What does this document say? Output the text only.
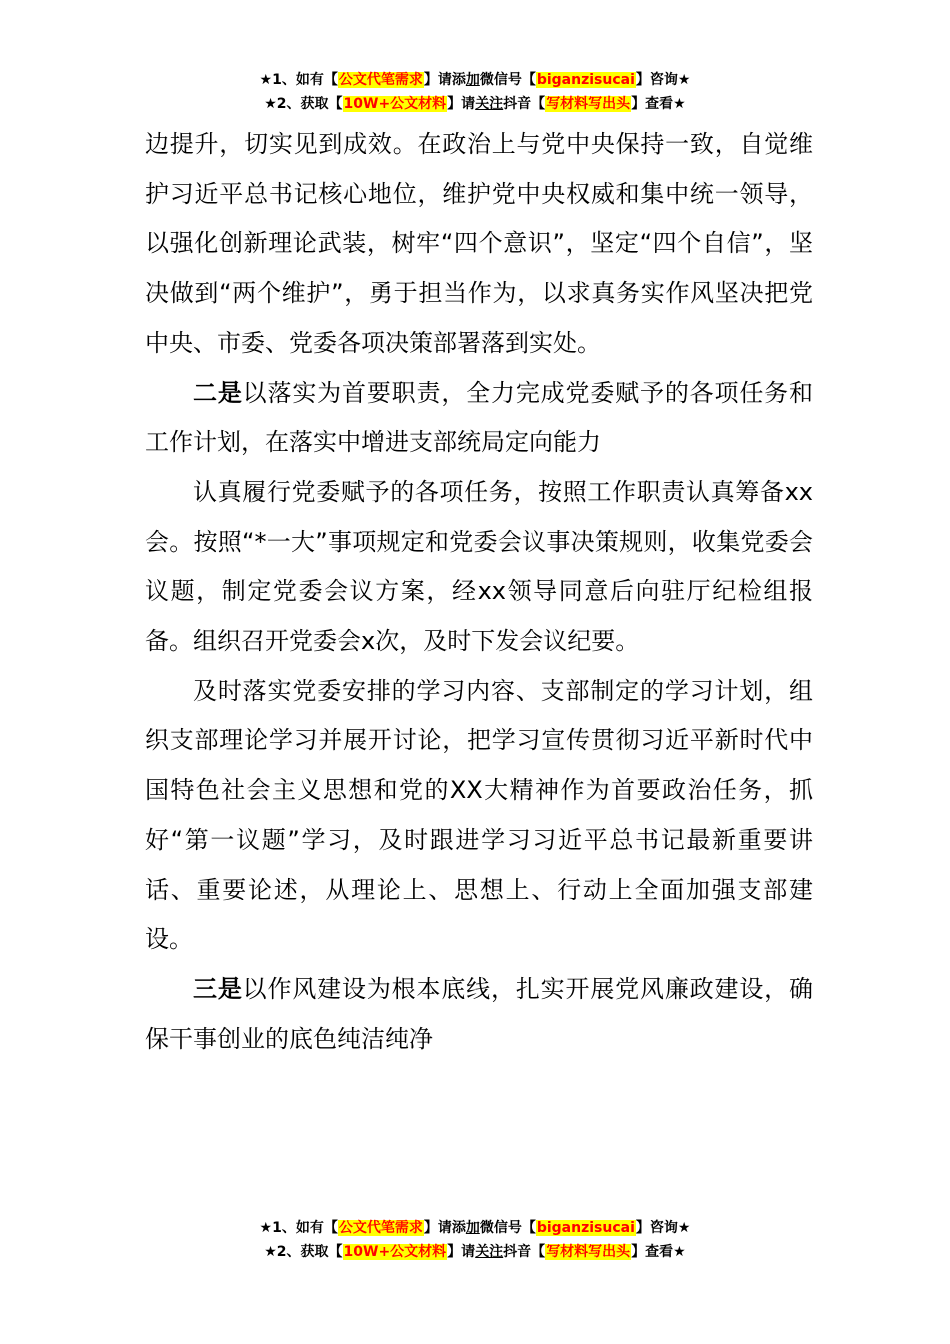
★1、如有【公文代笔需求】请添加微信号【biganzisucai】咨询★
★2、获取【10W+公文材料】请关注抖音【写材料写出头】查看★

边提升，切实见到成效。在政治上与党中央保持一致，自觉维护习近平总书记核心地位，维护党中央权威和集中统一领导，以强化创新理论武装，树牢“四个意识”，坚定“四个自信”，坚决做到“两个维护”，勇于担当作为，以求真务实作风坚决把党中央、市委、党委各项决策部署落到实处。

二是以落实为首要职责，全力完成党委赋予的各项任务和工作计划，在落实中增进支部统局定向能力

认真履行党委赋予的各项任务，按照工作职责认真筹备xx会。按照“*一大”事项规定和党委会议事决策规则，收集党委会议题，制定党委会议方案，经xx领导同意后向驻厅纪检组报备。组织召开党委会x次，及时下发会议纪要。

及时落实党委安排的学习内容、支部制定的学习计划，组织支部理论学习并展开讨论，把学习宣传贯彻习近平新时代中国特色社会主义思想和党的XX大精神作为首要政治任务，抓好“第一议题”学习，及时跟进学习习近平总书记最新重要讲话、重要论述，从理论上、思想上、行动上全面加强支部建设。

三是以作风建设为根本底线，扎实开展党风廉政建设，确保干事创业的底色纯洁纯净

★1、如有【公文代笔需求】请添加微信号【biganzisucai】咨询★
★2、获取【10W+公文材料】请关注抖音【写材料写出头】查看★
